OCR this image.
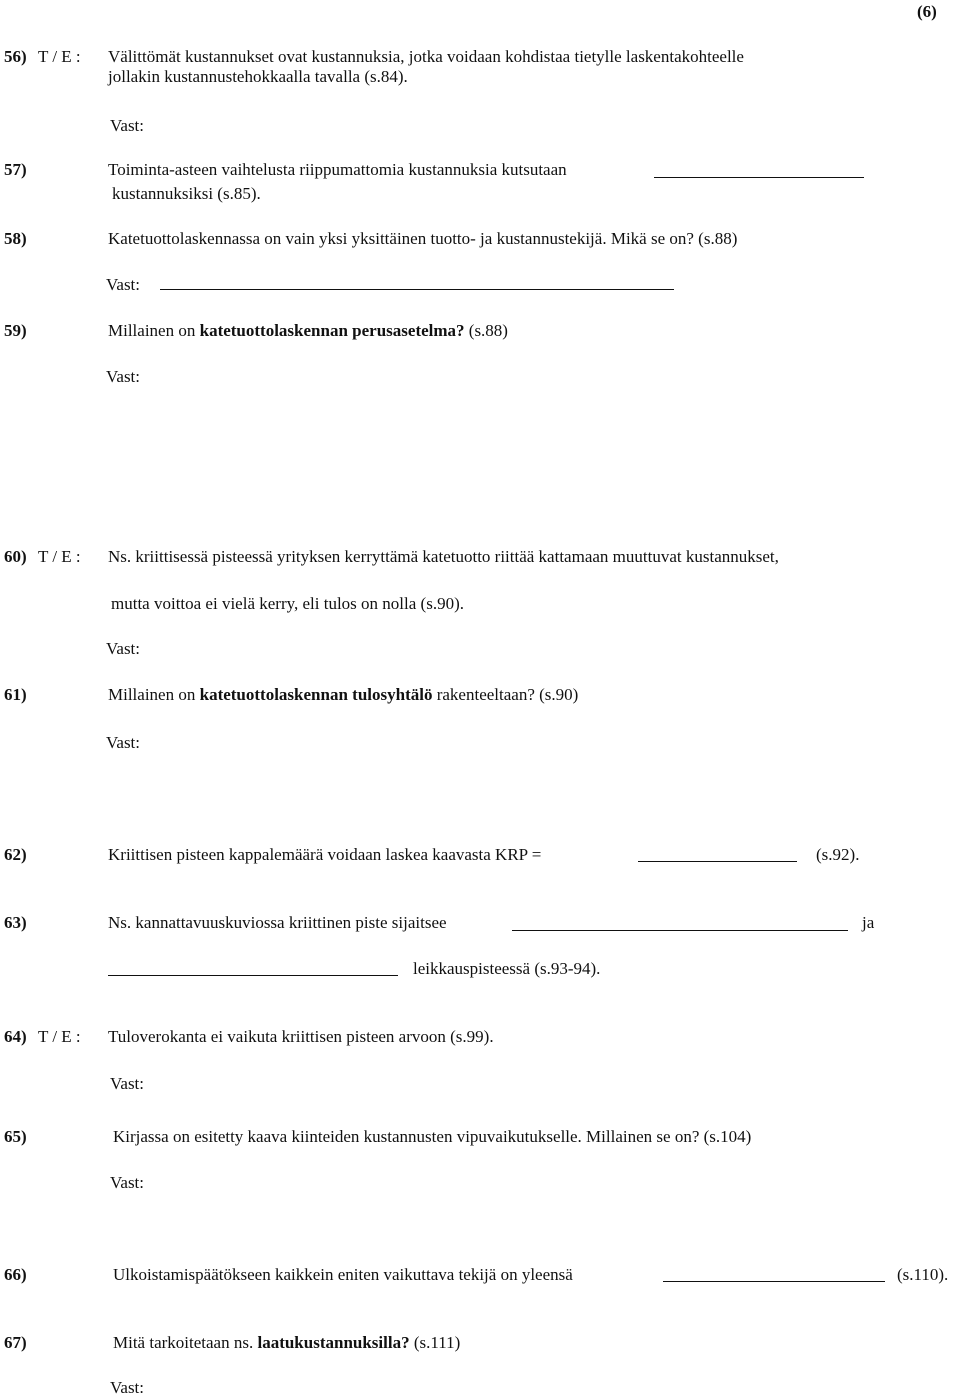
(6)
56) T / E : Välittömät kustannukset ovat kustannuksia, jotka voidaan kohdistaa tietylle laskentakohteelle
jollakin kustannustehokkaalla tavalla (s.84).
Vast:
57)	Toiminta-asteen vaihtelusta riippumattomia kustannuksia kutsutaan
kustannuksiksi (s.85).
58)	Katetuottolaskennassa on vain yksi yksittäinen tuotto- ja kustannustekijä. Mikä se on? (s.88)
Vast:
59)	Millainen on katetuottolaskennan perusasetelma? (s.88)
Vast:
60) T / E : Ns. kriittisessä pisteessä yrityksen kerryttämä katetuotto riittää kattamaan muuttuvat kustannukset,
mutta voittoa ei vielä kerry, eli tulos on nolla (s.90).
Vast:
61)	Millainen on katetuottolaskennan tulosyhtälö rakenteeltaan? (s.90)
Vast:
62)	Kriittisen pisteen kappalemäärä voidaan laskea kaavasta KRP =	(s.92).
63)	Ns. kannattavuuskuviossa kriittinen piste sijaitsee	ja
leikkauspisteessä (s.93-94).
64) T / E : Tuloverokanta ei vaikuta kriittisen pisteen arvoon (s.99).
Vast:
65)	Kirjassa on esitetty kaava kiinteiden kustannusten vipuvaikutukselle. Millainen se on? (s.104)
Vast:
66)	Ulkoistamispäätökseen kaikkein eniten vaikuttava tekijä on yleensä	(s.110).
67)	Mitä tarkoitetaan ns. laatukustannuksilla? (s.111)
Vast:
